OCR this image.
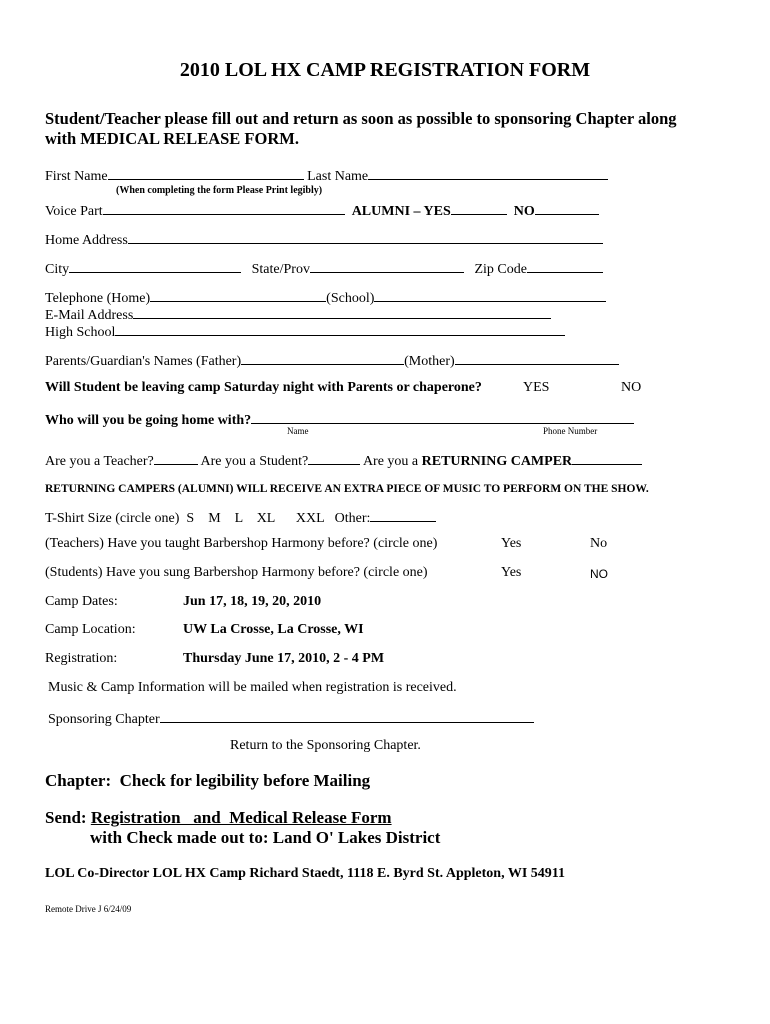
2010 LOL HX CAMP REGISTRATION FORM
Student/Teacher please fill out and return as soon as possible to sponsoring Chapter along
with MEDICAL RELEASE FORM.
First Name	Last Name
(When completing the form Please Print legibly)
Voice Part	ALUMNI – YES	NO
Home Address
City	State/Prov	Zip Code
Telephone (Home)	(School)
E-Mail Address
High School
Parents/Guardian's Names (Father)	(Mother)
Will Student be leaving camp Saturday night with Parents or chaperone?	YES	NO
Who will you be going home with?
Name	Phone Number
Are you a Teacher?	Are you a Student?	Are you a RETURNING CAMPER
RETURNING CAMPERS (ALUMNI) WILL RECEIVE AN EXTRA PIECE OF MUSIC TO PERFORM ON THE SHOW.
T-Shirt Size (circle one) S M L XL XXL Other:
(Teachers) Have you taught Barbershop Harmony before? (circle one)	Yes	No
(Students) Have you sung Barbershop Harmony before? (circle one)	Yes	NO
Camp Dates:	Jun 17, 18, 19, 20, 2010
Camp Location:	UW La Crosse, La Crosse, WI
Registration:	Thursday June 17, 2010, 2 - 4 PM
Music & Camp Information will be mailed when registration is received.
Sponsoring Chapter
Return to the Sponsoring Chapter.
Chapter:  Check for legibility before Mailing
Send: Registration   and  Medical Release Form
with Check made out to: Land O' Lakes District
LOL Co-Director LOL HX Camp Richard Staedt, 1118 E. Byrd St. Appleton, WI 54911
Remote Drive J 6/24/09
